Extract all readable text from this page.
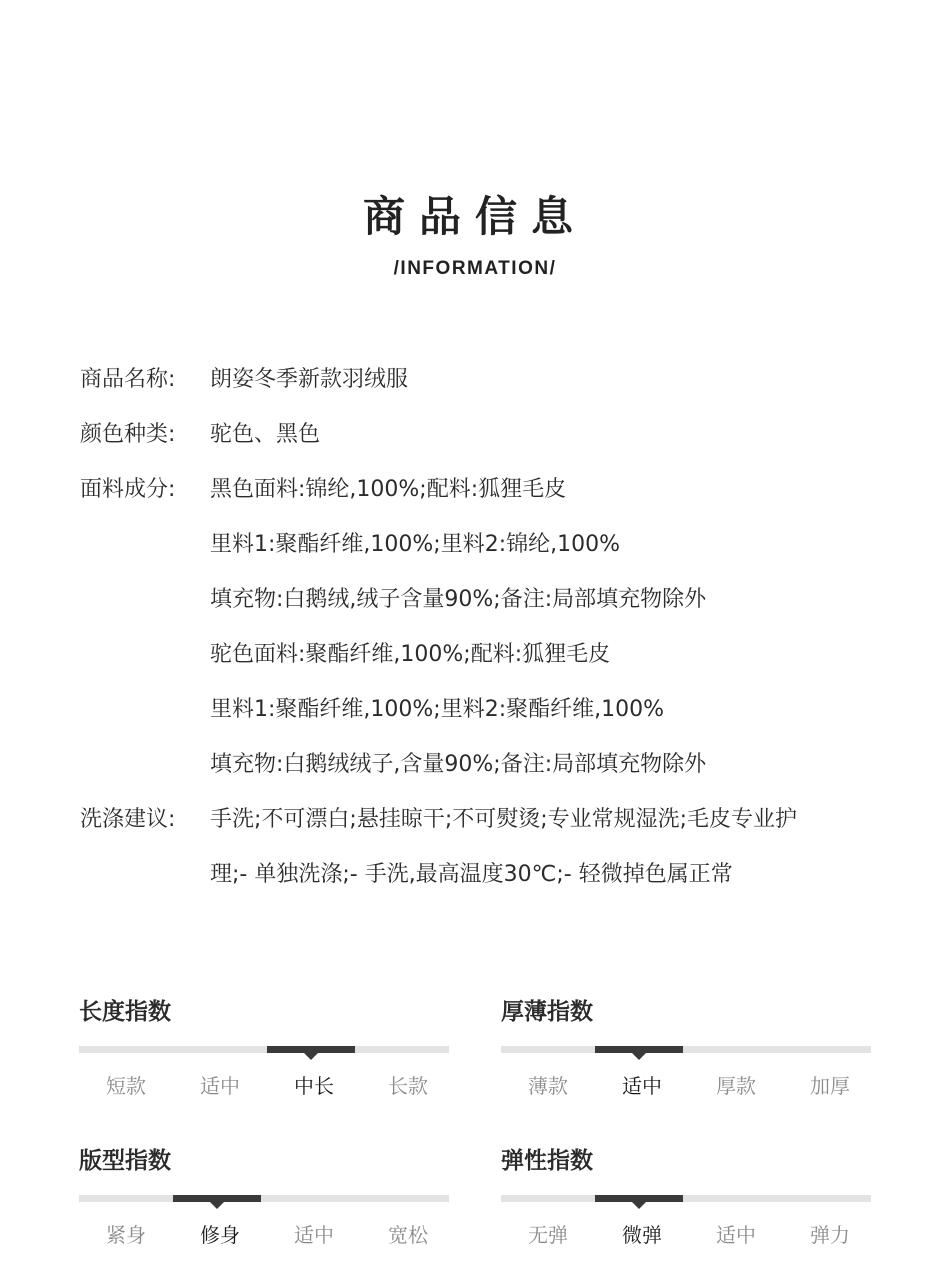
商品信息
/INFORMATION/
商品名称:	朗姿冬季新款羽绒服
颜色种类:	驼色、黑色
面料成分:	黑色面料:锦纶,100%;配料:狐狸毛皮
里料1:聚酯纤维,100%;里料2:锦纶,100%
填充物:白鹅绒,绒子含量90%;备注:局部填充物除外
驼色面料:聚酯纤维,100%;配料:狐狸毛皮
里料1:聚酯纤维,100%;里料2:聚酯纤维,100%
填充物:白鹅绒绒子,含量90%;备注:局部填充物除外
洗涤建议:	手洗;不可漂白;悬挂晾干;不可熨烫;专业常规湿洗;毛皮专业护
理;- 单独洗涤;- 手洗,最高温度30℃;- 轻微掉色属正常
长度指数
短款	适中	中长	长款
厚薄指数
薄款	适中	厚款	加厚
版型指数
紧身	修身	适中	宽松
弹性指数
无弹	微弹	适中	弹力
